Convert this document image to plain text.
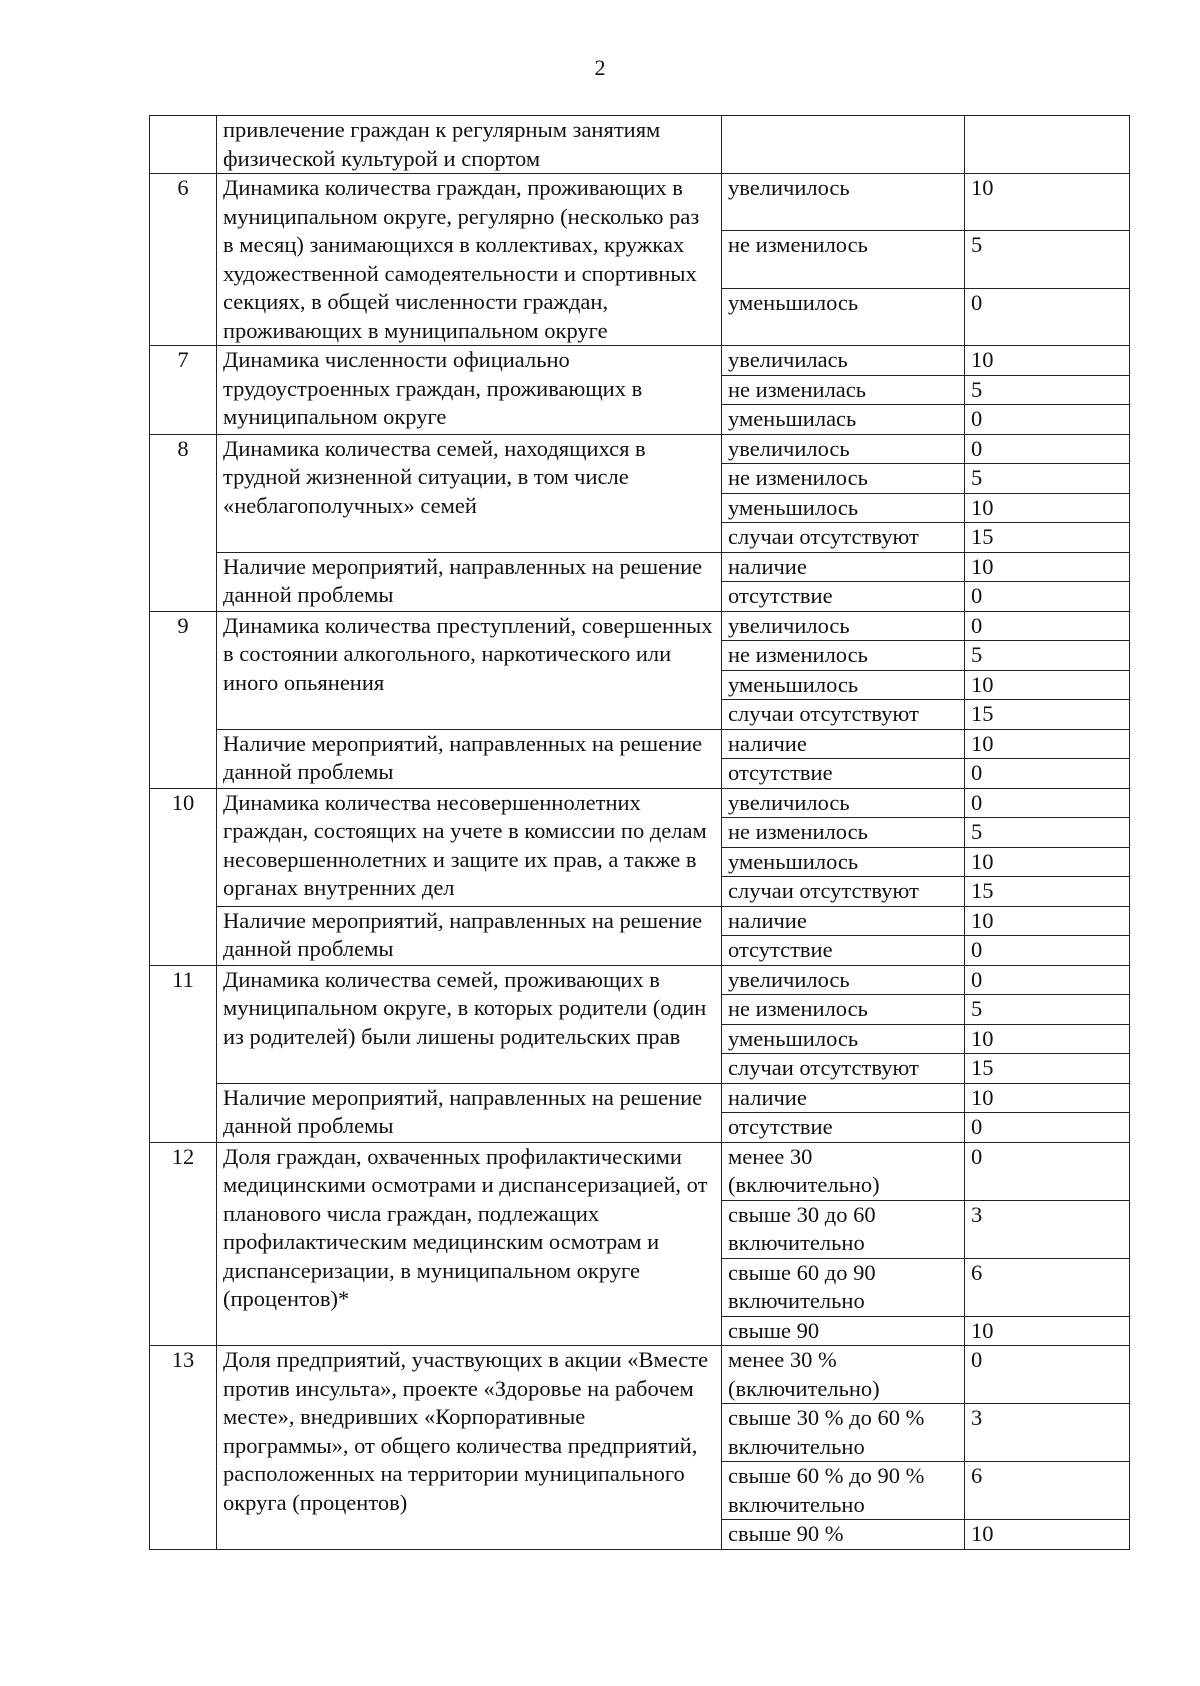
2
	привлечение граждан к регулярным занятиям физической культурой и спортом		
6	Динамика количества граждан, проживающих в муниципальном округе, регулярно (несколько раз в месяц) занимающихся в коллективах, кружках художественной самодеятельности и спортивных секциях, в общей численности граждан, проживающих в муниципальном округе	увеличилось	10
		не изменилось	5
		уменьшилось	0
7	Динамика численности официально трудоустроенных граждан, проживающих в муниципальном округе	увеличилась	10
		не изменилась	5
		уменьшилась	0
8	Динамика количества семей, находящихся в трудной жизненной ситуации, в том числе «неблагополучных» семей	увеличилось	0
		не изменилось	5
		уменьшилось	10
		случаи отсутствуют	15
	Наличие мероприятий, направленных на решение данной проблемы	наличие	10
		отсутствие	0
9	Динамика количества преступлений, совершенных в состоянии алкогольного, наркотического или иного опьянения	увеличилось	0
		не изменилось	5
		уменьшилось	10
		случаи отсутствуют	15
	Наличие мероприятий, направленных на решение данной проблемы	наличие	10
		отсутствие	0
10	Динамика количества несовершеннолетних граждан, состоящих на учете в комиссии по делам несовершеннолетних и защите их прав, а также в органах внутренних дел	увеличилось	0
		не изменилось	5
		уменьшилось	10
		случаи отсутствуют	15
	Наличие мероприятий, направленных на решение данной проблемы	наличие	10
		отсутствие	0
11	Динамика количества семей, проживающих в муниципальном округе, в которых родители (один из родителей) были лишены родительских прав	увеличилось	0
		не изменилось	5
		уменьшилось	10
		случаи отсутствуют	15
	Наличие мероприятий, направленных на решение данной проблемы	наличие	10
		отсутствие	0
12	Доля граждан, охваченных профилактическими медицинскими осмотрами и диспансеризацией, от планового числа граждан, подлежащих профилактическим медицинским осмотрам и диспансеризации, в муниципальном округе (процентов)*	менее 30 (включительно)	0
		свыше 30 до 60 включительно	3
		свыше 60 до 90 включительно	6
		свыше 90	10
13	Доля предприятий, участвующих в акции «Вместе против инсульта», проекте «Здоровье на рабочем месте», внедривших «Корпоративные программы», от общего количества предприятий, расположенных на территории муниципального округа (процентов)	менее 30 % (включительно)	0
		свыше 30 % до 60 % включительно	3
		свыше 60 % до 90 % включительно	6
		свыше 90 %	10
